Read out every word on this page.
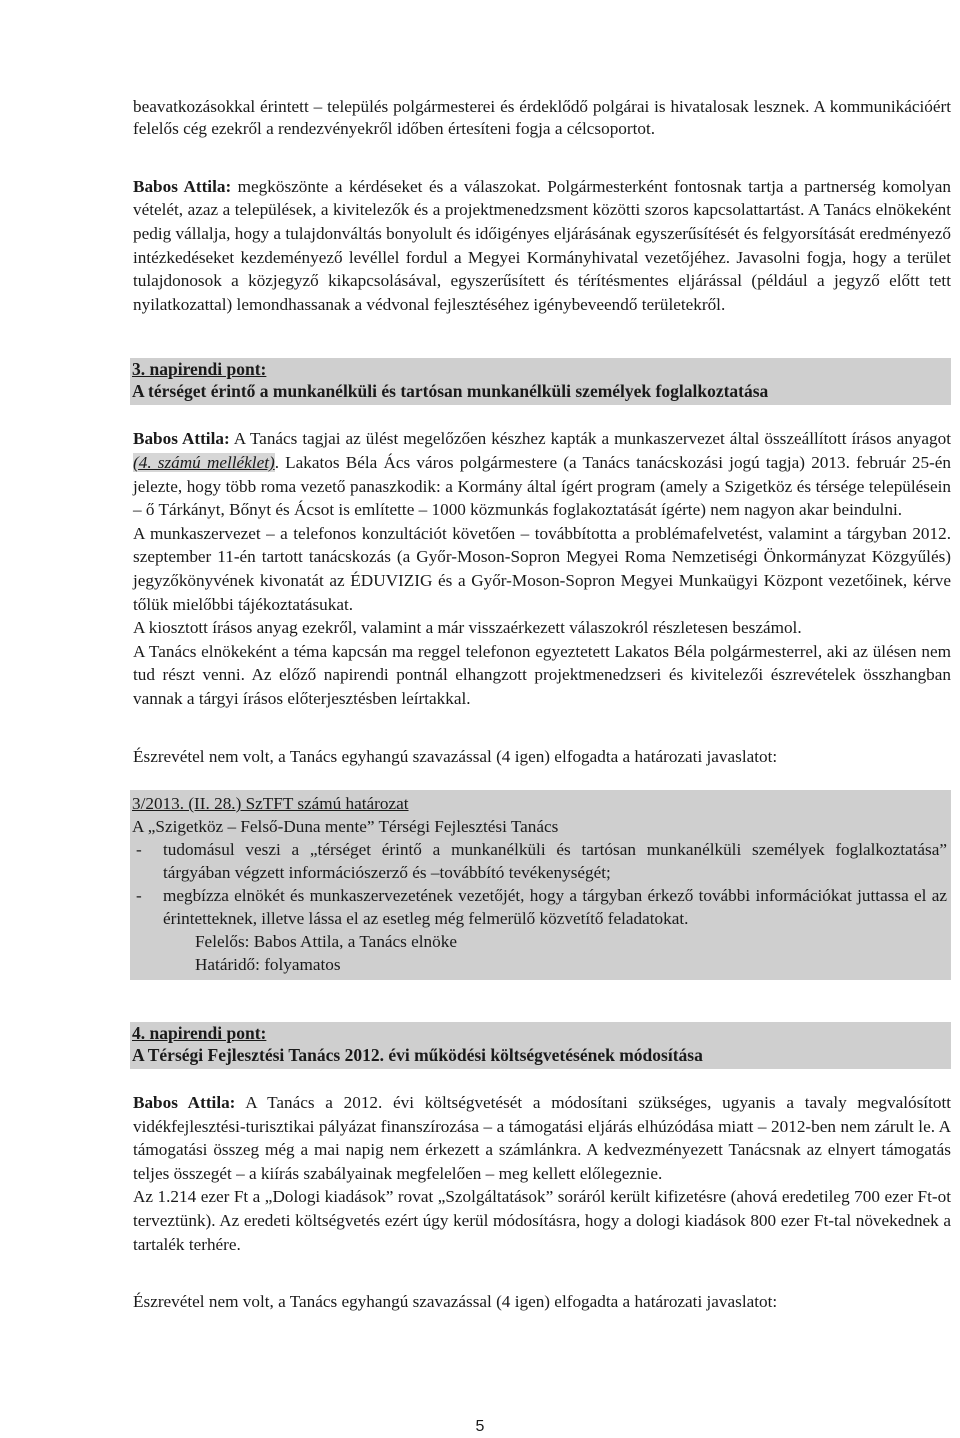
beavatkozásokkal érintett – település polgármesterei és érdeklődő polgárai is hivatalosak lesznek. A kommunikációért felelős cég ezekről a rendezvényekről időben értesíteni fogja a célcsoportot.

Babos Attila: megköszönte a kérdéseket és a válaszokat. Polgármesterként fontosnak tartja a partnerség komolyan vételét, azaz a települések, a kivitelezők és a projektmenedzsment közötti szoros kapcsolattartást. A Tanács elnökeként pedig vállalja, hogy a tulajdonváltás bonyolult és időigényes eljárásának egyszerűsítését és felgyorsítását eredményező intézkedéseket kezdeményező levéllel fordul a Megyei Kormányhivatal vezetőjéhez. Javasolni fogja, hogy a terület tulajdonosok a közjegyző kikapcsolásával, egyszerűsített és térítésmentes eljárással (például a jegyző előtt tett nyilatkozattal) lemondhassanak a védvonal fejlesztéséhez igénybeveendő területekről.

3. napirendi pont:
A térséget érintő a munkanélküli és tartósan munkanélküli személyek foglalkoztatása

Babos Attila: A Tanács tagjai az ülést megelőzően készhez kapták a munkaszervezet által összeállított írásos anyagot (4. számú melléklet). Lakatos Béla Ács város polgármestere (a Tanács tanácskozási jogú tagja) 2013. február 25-én jelezte, hogy több roma vezető panaszkodik: a Kormány által ígért program (amely a Szigetköz és térsége településein – ő Tárkányt, Bőnyt és Ácsot is említette – 1000 közmunkás foglakoztatását ígérte) nem nagyon akar beindulni.

A munkaszervezet – a telefonos konzultációt követően – továbbította a problémafelvetést, valamint a tárgyban 2012. szeptember 11-én tartott tanácskozás (a Győr-Moson-Sopron Megyei Roma Nemzetiségi Önkormányzat Közgyűlés) jegyzőkönyvének kivonatát az ÉDUVIZIG és a Győr-Moson-Sopron Megyei Munkaügyi Központ vezetőinek, kérve tőlük mielőbbi tájékoztatásukat.

A kiosztott írásos anyag ezekről, valamint a már visszaérkezett válaszokról részletesen beszámol.

A Tanács elnökeként a téma kapcsán ma reggel telefonon egyeztetett Lakatos Béla polgármesterrel, aki az ülésen nem tud részt venni. Az előző napirendi pontnál elhangzott projektmenedzseri és kivitelezői észrevételek összhangban vannak a tárgyi írásos előterjesztésben leírtakkal.

Észrevétel nem volt, a Tanács egyhangú szavazással (4 igen) elfogadta a határozati javaslatot:

3/2013. (II. 28.) SzTFT számú határozat
A „Szigetköz – Felső-Duna mente” Térségi Fejlesztési Tanács
-	tudomásul veszi a „térséget érintő a munkanélküli és tartósan munkanélküli személyek foglalkoztatása” tárgyában végzett információszerző és –továbbító tevékenységét;
-	megbízza elnökét és munkaszervezetének vezetőjét, hogy a tárgyban érkező további információkat juttassa el az érintetteknek, illetve lássa el az esetleg még felmerülő közvetítő feladatokat.
Felelős: Babos Attila, a Tanács elnöke
Határidő: folyamatos
4. napirendi pont:
A Térségi Fejlesztési Tanács 2012. évi működési költségvetésének módosítása

Babos Attila: A Tanács a 2012. évi költségvetését a módosítani szükséges, ugyanis a tavaly megvalósított vidékfejlesztési-turisztikai pályázat finanszírozása – a támogatási eljárás elhúzódása miatt – 2012-ben nem zárult le. A támogatási összeg még a mai napig nem érkezett a számlánkra. A kedvezményezett Tanácsnak az elnyert támogatás teljes összegét – a kiírás szabályainak megfelelően – meg kellett előlegeznie.

Az 1.214 ezer Ft a „Dologi kiadások” rovat „Szolgáltatások” soráról került kifizetésre (ahová eredetileg 700 ezer Ft-ot terveztünk). Az eredeti költségvetés ezért úgy kerül módosításra, hogy a dologi kiadások 800 ezer Ft-tal növekednek a tartalék terhére.

Észrevétel nem volt, a Tanács egyhangú szavazással (4 igen) elfogadta a határozati javaslatot:

5
